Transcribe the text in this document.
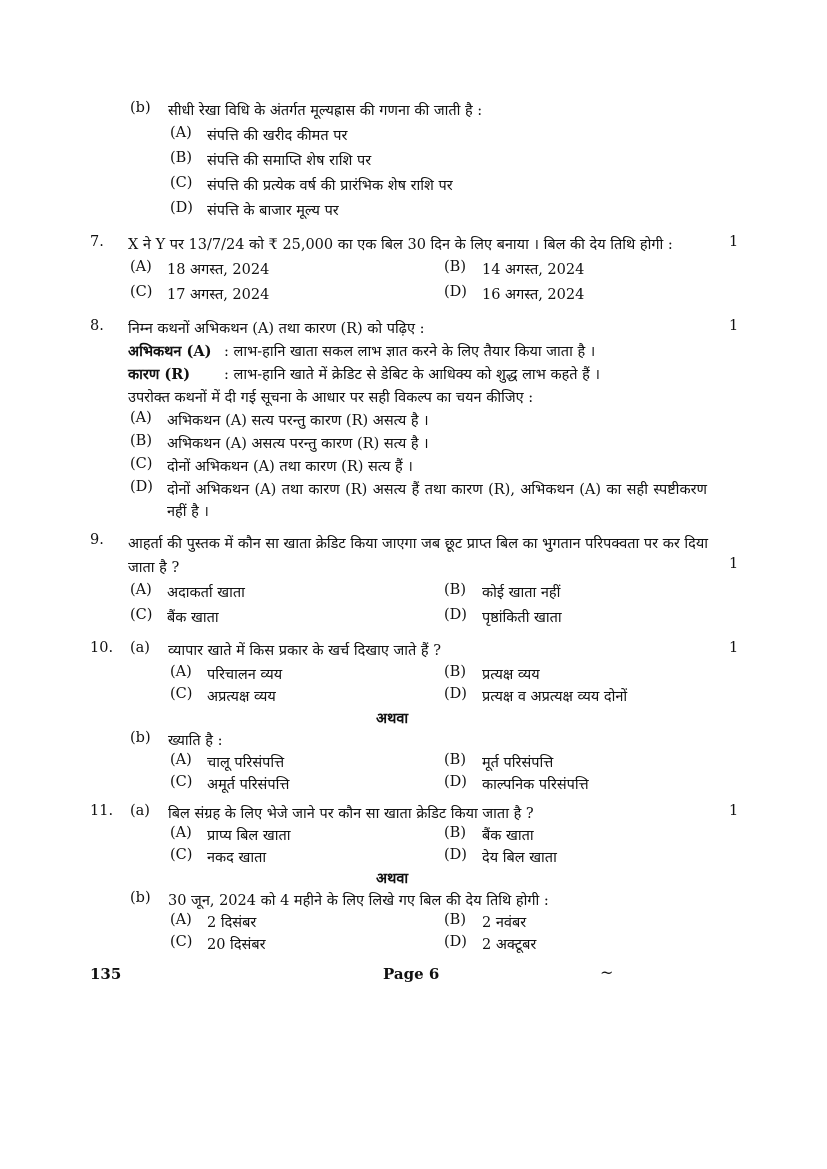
(b) सीधी रेखा विधि के अंतर्गत मूल्यह्रास की गणना की जाती है :
(A) संपत्ति की खरीद कीमत पर
(B) संपत्ति की समाप्ति शेष राशि पर
(C) संपत्ति की प्रत्येक वर्ष की प्रारंभिक शेष राशि पर
(D) संपत्ति के बाजार मूल्य पर
7. X ने Y पर 13/7/24 को ₹ 25,000 का एक बिल 30 दिन के लिए बनाया । बिल की देय तिथि होगी :	1
(A) 18 अगस्त, 2024	(B) 14 अगस्त, 2024
(C) 17 अगस्त, 2024	(D) 16 अगस्त, 2024
8. निम्न कथनों अभिकथन (A) तथा कारण (R) को पढ़िए :	1
अभिकथन (A) : लाभ-हानि खाता सकल लाभ ज्ञात करने के लिए तैयार किया जाता है ।
कारण (R) : लाभ-हानि खाते में क्रेडिट से डेबिट के आधिक्य को शुद्ध लाभ कहते हैं ।
उपरोक्त कथनों में दी गई सूचना के आधार पर सही विकल्प का चयन कीजिए :
(A) अभिकथन (A) सत्य परन्तु कारण (R) असत्य है ।
(B) अभिकथन (A) असत्य परन्तु कारण (R) सत्य है ।
(C) दोनों अभिकथन (A) तथा कारण (R) सत्य हैं ।
(D) दोनों अभिकथन (A) तथा कारण (R) असत्य हैं तथा कारण (R), अभिकथन (A) का सही स्पष्टीकरण नहीं है ।
9. आहर्ता की पुस्तक में कौन सा खाता क्रेडिट किया जाएगा जब छूट प्राप्त बिल का भुगतान परिपक्वता पर कर दिया जाता है ?	1
(A) अदाकर्ता खाता	(B) कोई खाता नहीं
(C) बैंक खाता	(D) पृष्ठांकिती खाता
10. (a) व्यापार खाते में किस प्रकार के खर्च दिखाए जाते हैं ?	1
(A) परिचालन व्यय	(B) प्रत्यक्ष व्यय
(C) अप्रत्यक्ष व्यय	(D) प्रत्यक्ष व अप्रत्यक्ष व्यय दोनों
अथवा
(b) ख्याति है :
(A) चालू परिसंपत्ति	(B) मूर्त परिसंपत्ति
(C) अमूर्त परिसंपत्ति	(D) काल्पनिक परिसंपत्ति
11. (a) बिल संग्रह के लिए भेजे जाने पर कौन सा खाता क्रेडिट किया जाता है ?	1
(A) प्राप्य बिल खाता	(B) बैंक खाता
(C) नकद खाता	(D) देय बिल खाता
अथवा
(b) 30 जून, 2024 को 4 महीने के लिए लिखे गए बिल की देय तिथि होगी :
(A) 2 दिसंबर	(B) 2 नवंबर
(C) 20 दिसंबर	(D) 2 अक्टूबर
135	Page 6	~
